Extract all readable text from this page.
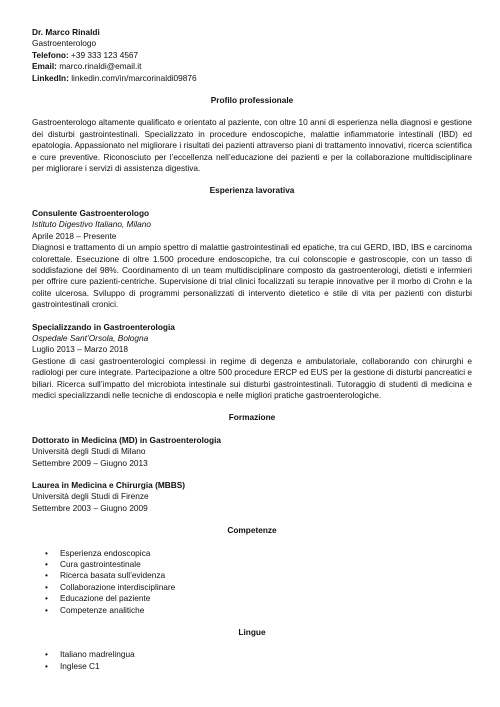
Dr. Marco Rinaldi
Gastroenterologo
Telefono: +39 333 123 4567
Email: marco.rinaldi@email.it
LinkedIn: linkedin.com/in/marcorinaldi09876
Profilo professionale

Gastroenterologo altamente qualificato e orientato al paziente, con oltre 10 anni di esperienza nella diagnosi e gestione dei disturbi gastrointestinali. Specializzato in procedure endoscopiche, malattie infiammatorie intestinali (IBD) ed epatologia. Appassionato nel migliorare i risultati dei pazienti attraverso piani di trattamento innovativi, ricerca scientifica e cure preventive. Riconosciuto per l’eccellenza nell’educazione dei pazienti e per la collaborazione multidisciplinare per migliorare i servizi di assistenza digestiva.

Esperienza lavorativa
Consulente Gastroenterologo
Istituto Digestivo Italiano, Milano
Aprile 2018 – Presente

Diagnosi e trattamento di un ampio spettro di malattie gastrointestinali ed epatiche, tra cui GERD, IBD, IBS e carcinoma colorettale. Esecuzione di oltre 1.500 procedure endoscopiche, tra cui colonscopie e gastroscopie, con un tasso di soddisfazione del 98%. Coordinamento di un team multidisciplinare composto da gastroenterologi, dietisti e infermieri per offrire cure pazienti-centriche. Supervisione di trial clinici focalizzati su terapie innovative per il morbo di Crohn e la colite ulcerosa. Sviluppo di programmi personalizzati di intervento dietetico e stile di vita per pazienti con disturbi gastrointestinali cronici.

Specializzando in Gastroenterologia
Ospedale Sant’Orsola, Bologna
Luglio 2013 – Marzo 2018

Gestione di casi gastroenterologici complessi in regime di degenza e ambulatoriale, collaborando con chirurghi e radiologi per cure integrate. Partecipazione a oltre 500 procedure ERCP ed EUS per la gestione di disturbi pancreatici e biliari. Ricerca sull’impatto del microbiota intestinale sui disturbi gastrointestinali. Tutoraggio di studenti di medicina e medici specializzandi nelle tecniche di endoscopia e nelle migliori pratiche gastroenterologiche.

Formazione
Dottorato in Medicina (MD) in Gastroenterologia
Università degli Studi di Milano
Settembre 2009 – Giugno 2013
Laurea in Medicina e Chirurgia (MBBS)
Università degli Studi di Firenze
Settembre 2003 – Giugno 2009
Competenze
• Esperienza endoscopica
• Cura gastrointestinale
• Ricerca basata sull’evidenza
• Collaborazione interdisciplinare
• Educazione del paziente
• Competenze analitiche
Lingue
• Italiano madrelingua
• Inglese C1
